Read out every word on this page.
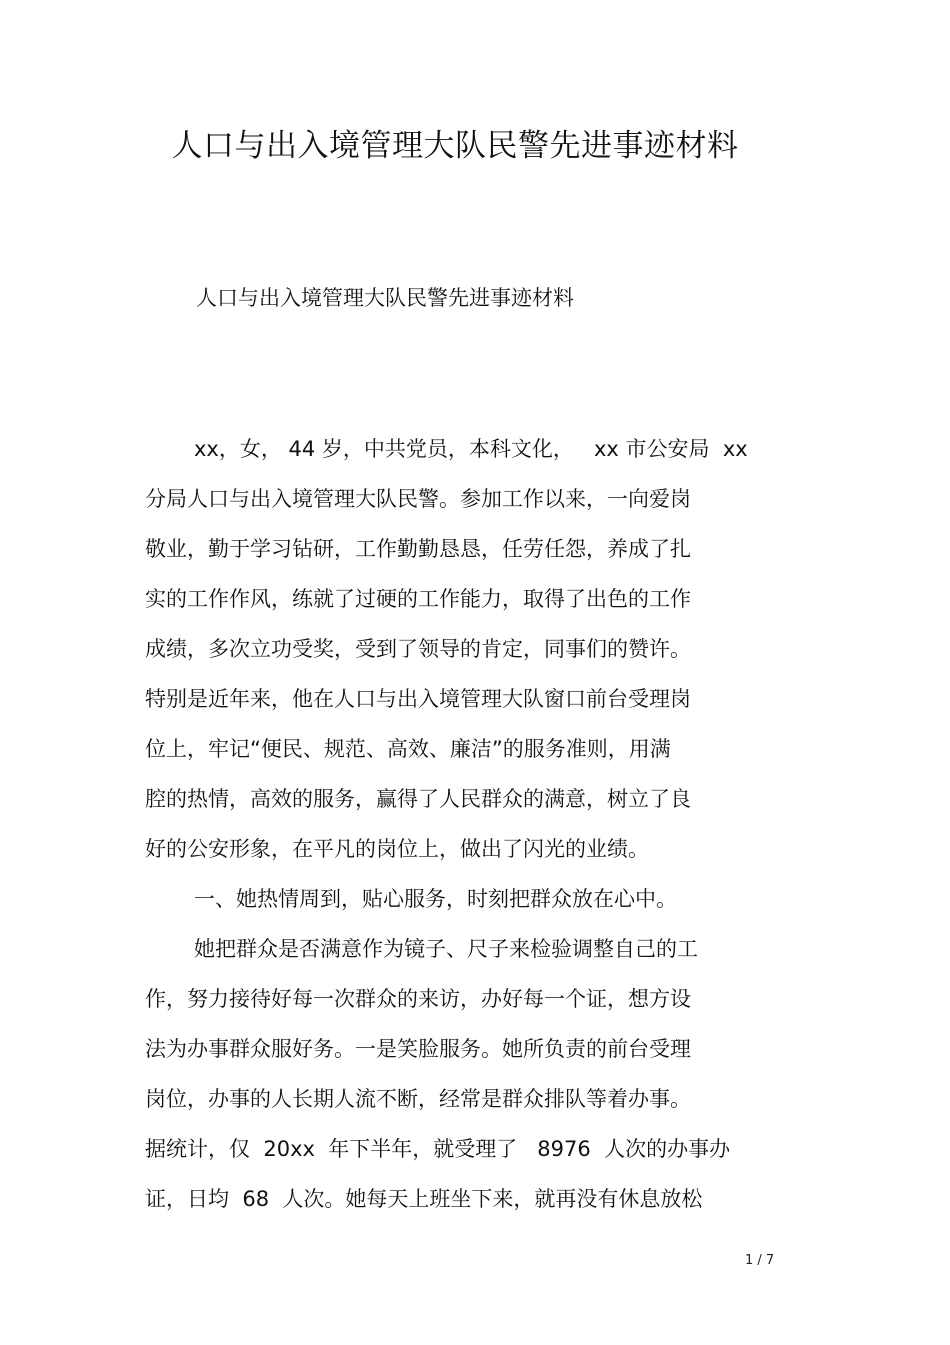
人口与出入境管理大队民警先进事迹材料
人口与出入境管理大队民警先进事迹材料
xx，女， 44 岁，中共党员，本科文化，   xx 市公安局  xx
分局人口与出入境管理大队民警。参加工作以来，一向爱岗
敬业，勤于学习钻研，工作勤勤恳恳，任劳任怨，养成了扎
实的工作作风，练就了过硬的工作能力，取得了出色的工作
成绩，多次立功受奖，受到了领导的肯定，同事们的赞许。
特别是近年来，他在人口与出入境管理大队窗口前台受理岗
位上，牢记“便民、规范、高效、廉洁”的服务准则，用满
腔的热情，高效的服务，赢得了人民群众的满意，树立了良
好的公安形象，在平凡的岗位上，做出了闪光的业绩。
一、她热情周到，贴心服务，时刻把群众放在心中。
她把群众是否满意作为镜子、尺子来检验调整自己的工
作，努力接待好每一次群众的来访，办好每一个证，想方设
法为办事群众服好务。一是笑脸服务。她所负责的前台受理
岗位，办事的人长期人流不断，经常是群众排队等着办事。
据统计，仅  20xx  年下半年，就受理了   8976  人次的办事办
证，日均  68  人次。她每天上班坐下来，就再没有休息放松
1 / 7
